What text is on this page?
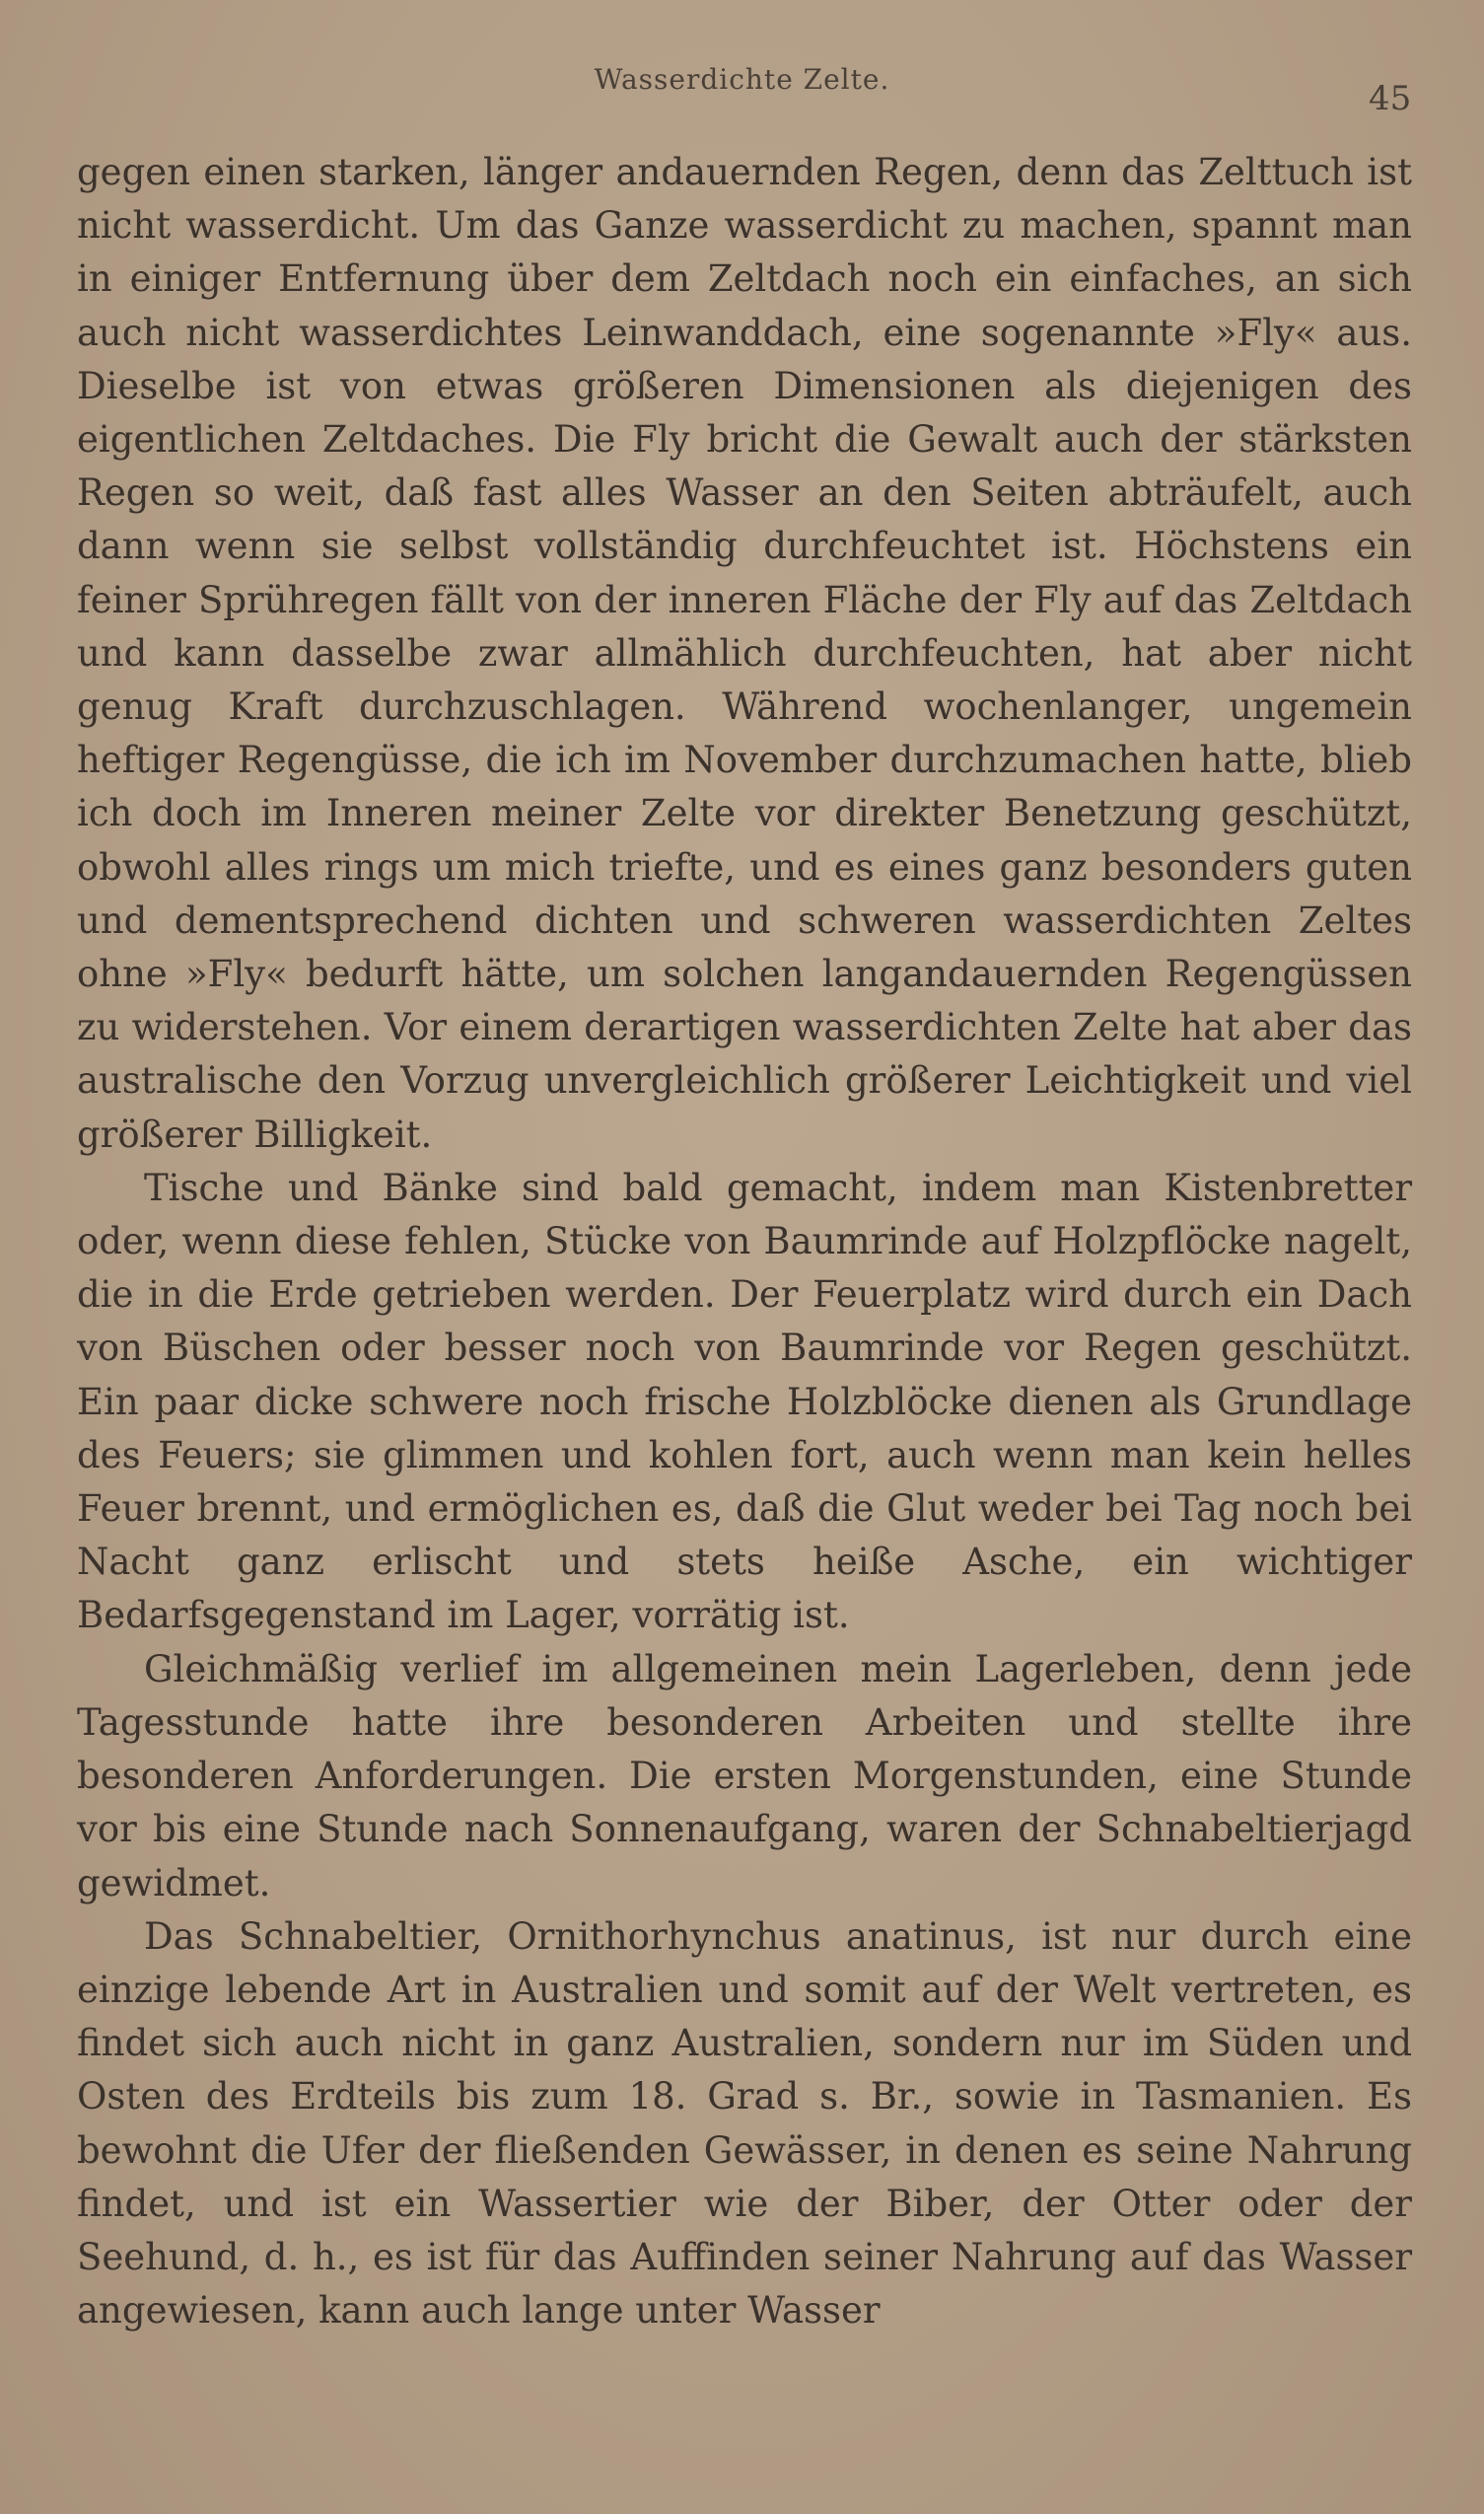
Wasserdichte Zelte.	45

gegen einen starken, länger andauernden Regen, denn das Zelttuch ist nicht wasserdicht. Um das Ganze wasserdicht zu machen, spannt man in einiger Entfernung über dem Zeltdach noch ein einfaches, an sich auch nicht wasserdichtes Leinwanddach, eine sogenannte »Fly« aus. Dieselbe ist von etwas größeren Dimensionen als diejenigen des eigentlichen Zeltdaches. Die Fly bricht die Gewalt auch der stärksten Regen so weit, daß fast alles Wasser an den Seiten abträufelt, auch dann wenn sie selbst vollständig durchfeuchtet ist. Höchstens ein feiner Sprühregen fällt von der inneren Fläche der Fly auf das Zeltdach und kann dasselbe zwar allmählich durchfeuchten, hat aber nicht genug Kraft durchzuschlagen. Während wochenlanger, ungemein heftiger Regengüsse, die ich im November durchzumachen hatte, blieb ich doch im Inneren meiner Zelte vor direkter Benetzung geschützt, obwohl alles rings um mich triefte, und es eines ganz besonders guten und dementsprechend dichten und schweren wasserdichten Zeltes ohne »Fly« bedurft hätte, um solchen langandauernden Regengüssen zu widerstehen. Vor einem derartigen wasserdichten Zelte hat aber das australische den Vorzug unvergleichlich größerer Leichtigkeit und viel größerer Billigkeit.

Tische und Bänke sind bald gemacht, indem man Kistenbretter oder, wenn diese fehlen, Stücke von Baumrinde auf Holzpflöcke nagelt, die in die Erde getrieben werden. Der Feuerplatz wird durch ein Dach von Büschen oder besser noch von Baumrinde vor Regen geschützt. Ein paar dicke schwere noch frische Holzblöcke dienen als Grundlage des Feuers; sie glimmen und kohlen fort, auch wenn man kein helles Feuer brennt, und ermöglichen es, daß die Glut weder bei Tag noch bei Nacht ganz erlischt und stets heiße Asche, ein wichtiger Bedarfsgegenstand im Lager, vorrätig ist.

Gleichmäßig verlief im allgemeinen mein Lagerleben, denn jede Tagesstunde hatte ihre besonderen Arbeiten und stellte ihre besonderen Anforderungen. Die ersten Morgenstunden, eine Stunde vor bis eine Stunde nach Sonnenaufgang, waren der Schnabeltierjagd gewidmet.

Das Schnabeltier, Ornithorhynchus anatinus, ist nur durch eine einzige lebende Art in Australien und somit auf der Welt vertreten, es findet sich auch nicht in ganz Australien, sondern nur im Süden und Osten des Erdteils bis zum 18. Grad s. Br., sowie in Tasmanien. Es bewohnt die Ufer der fließenden Gewässer, in denen es seine Nahrung findet, und ist ein Wassertier wie der Biber, der Otter oder der Seehund, d. h., es ist für das Auffinden seiner Nahrung auf das Wasser angewiesen, kann auch lange unter Wasser
